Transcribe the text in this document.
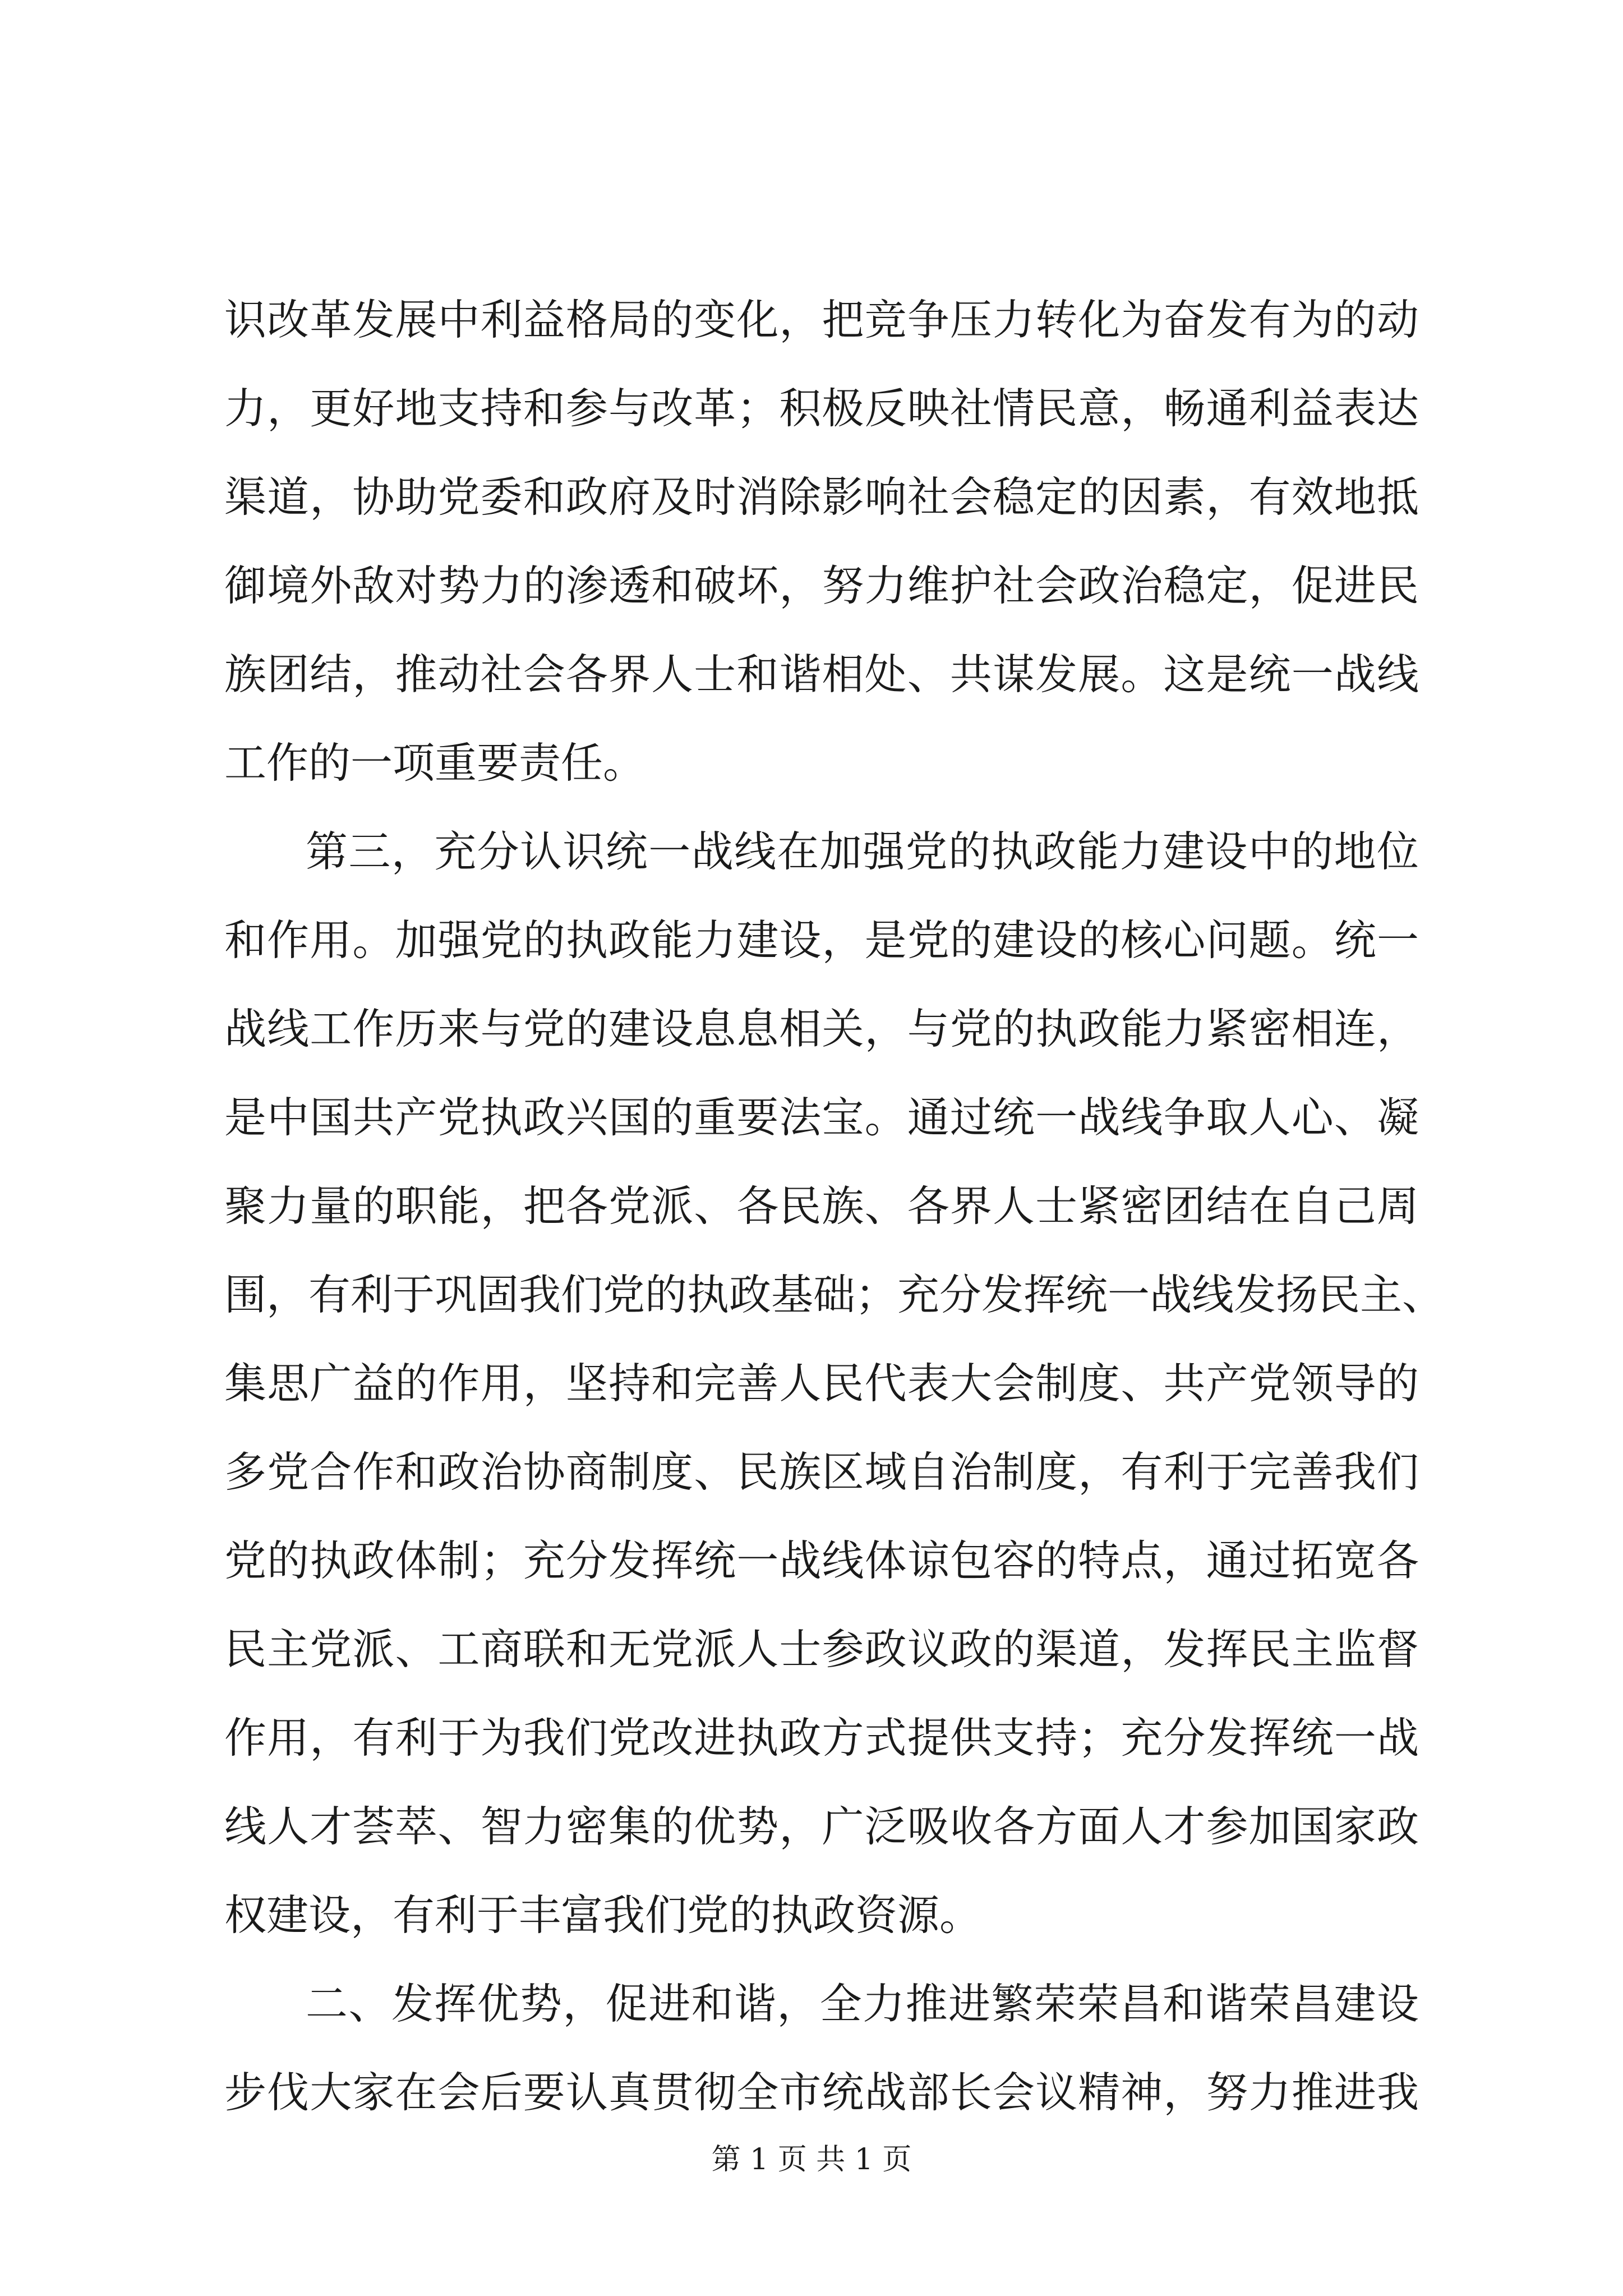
识改革发展中利益格局的变化，把竞争压力转化为奋发有为的动
力，更好地支持和参与改革；积极反映社情民意，畅通利益表达
渠道，协助党委和政府及时消除影响社会稳定的因素，有效地抵
御境外敌对势力的渗透和破坏，努力维护社会政治稳定，促进民
族团结，推动社会各界人士和谐相处、共谋发展。这是统一战线
工作的一项重要责任。
第三，充分认识统一战线在加强党的执政能力建设中的地位
和作用。加强党的执政能力建设，是党的建设的核心问题。统一
战线工作历来与党的建设息息相关，与党的执政能力紧密相连，
是中国共产党执政兴国的重要法宝。通过统一战线争取人心、凝
聚力量的职能，把各党派、各民族、各界人士紧密团结在自己周
围，有利于巩固我们党的执政基础；充分发挥统一战线发扬民主、
集思广益的作用，坚持和完善人民代表大会制度、共产党领导的
多党合作和政治协商制度、民族区域自治制度，有利于完善我们
党的执政体制；充分发挥统一战线体谅包容的特点，通过拓宽各
民主党派、工商联和无党派人士参政议政的渠道，发挥民主监督
作用，有利于为我们党改进执政方式提供支持；充分发挥统一战
线人才荟萃、智力密集的优势，广泛吸收各方面人才参加国家政
权建设，有利于丰富我们党的执政资源。
二、发挥优势，促进和谐，全力推进繁荣荣昌和谐荣昌建设
步伐大家在会后要认真贯彻全市统战部长会议精神，努力推进我
第 1 页 共 1 页
